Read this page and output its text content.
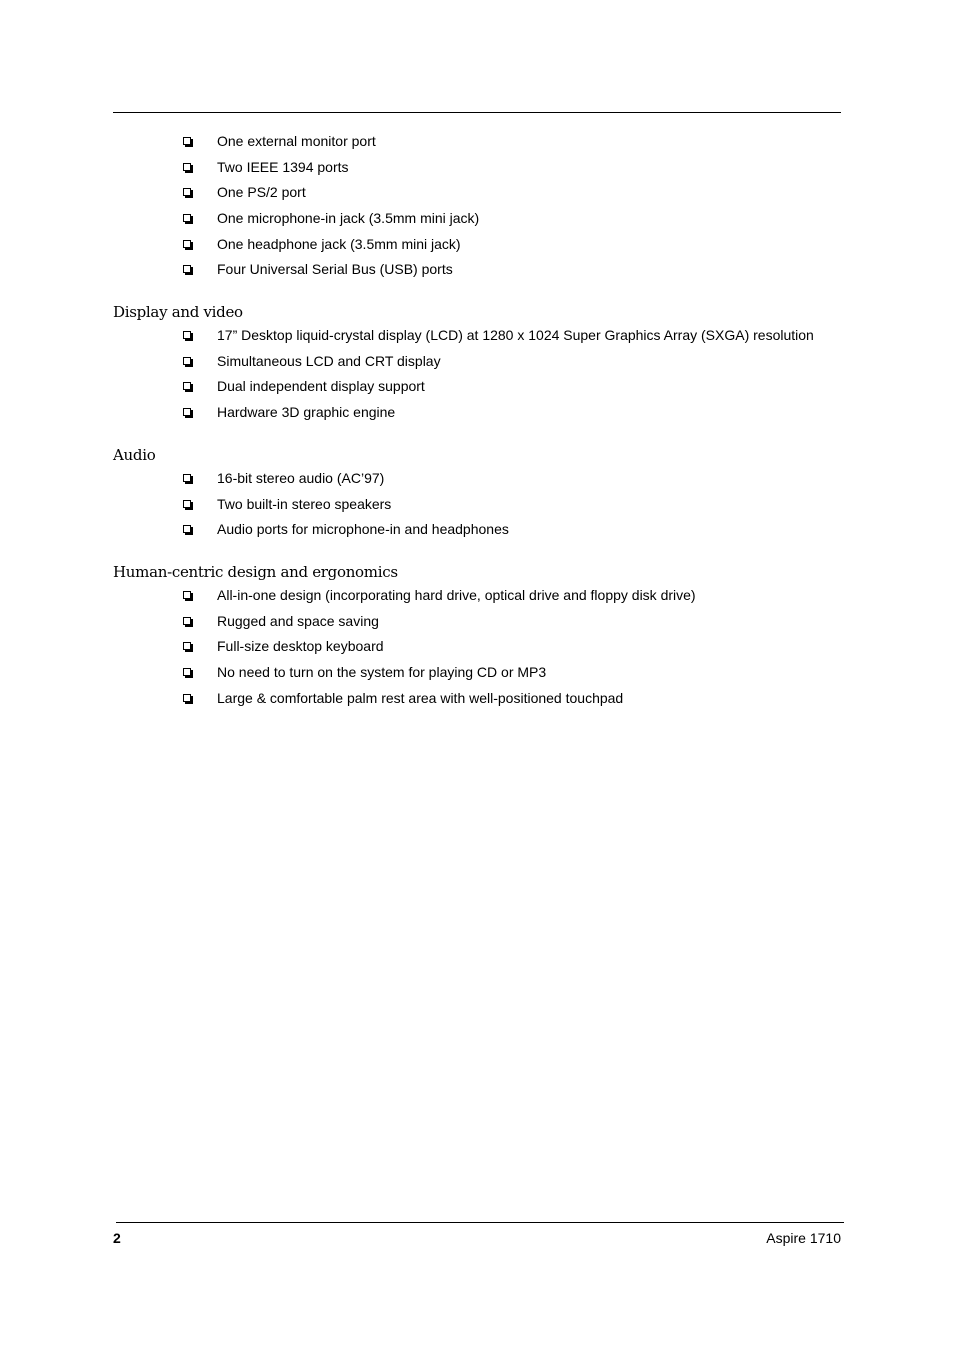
One external monitor port
Two IEEE 1394 ports
One PS/2 port
One microphone-in jack (3.5mm mini jack)
One headphone jack (3.5mm mini jack)
Four Universal Serial Bus (USB) ports
Display and video
17” Desktop liquid-crystal display (LCD) at 1280 x 1024 Super Graphics Array (SXGA) resolution
Simultaneous LCD and CRT display
Dual independent display support
Hardware 3D graphic engine
Audio
16-bit stereo audio (AC’97)
Two built-in stereo speakers
Audio ports for microphone-in and headphones
Human-centric design and ergonomics
All-in-one design (incorporating hard drive, optical drive and floppy disk drive)
Rugged and space saving
Full-size desktop keyboard
No need to turn on the system for playing CD or MP3
Large & comfortable palm rest area with well-positioned touchpad
2	Aspire 1710
